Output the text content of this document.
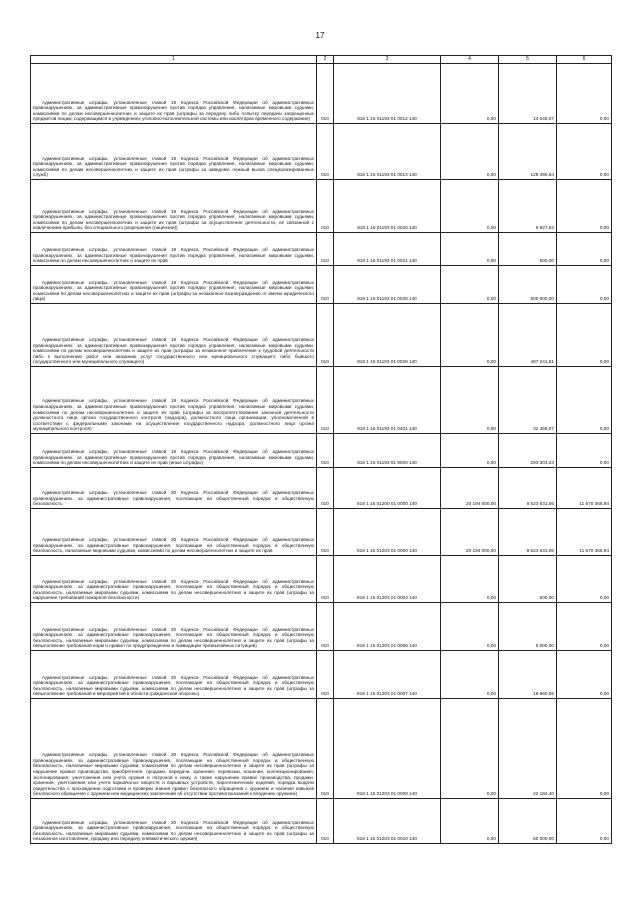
17
1	2	3	4	5	6
Административные штрафы, установленные главой 19 Кодекса Российской Федерации об административных правонарушениях, за административные правонарушения против порядка управления, налагаемые мировыми судьями, комиссиями по делам несовершеннолетних и защите их прав (штрафы за передачу либо попытку передачи запрещенных предметов лицам, содержащимся в учреждениях уголовно-исполнительной системы или изоляторах временного содержания)	010	818 1 16 01193 01 0012 140	0,00	14 048,07	0,00
Административные штрафы, установленные главой 19 Кодекса Российской Федерации об административных правонарушениях, за административные правонарушения против порядка управления, налагаемые мировыми судьями, комиссиями по делам несовершеннолетних и защите их прав (штрафы за заведомо ложный вызов специализированных служб)	010	818 1 16 01193 01 0013 140	0,00	129 490,64	0,00
Административные штрафы, установленные главой 19 Кодекса Российской Федерации об административных правонарушениях, за административные правонарушения против порядка управления, налагаемые мировыми судьями, комиссиями по делам несовершеннолетних и защите их прав (штрафы за осуществление деятельности, не связанной с извлечением прибыли, без специального разрешения (лицензии))	010	818 1 16 01193 01 0020 140	0,00	9 927,53	0,00
Административные штрафы, установленные главой 19 Кодекса Российской Федерации об административных правонарушениях, за административные правонарушения против порядка управления, налагаемые мировыми судьями, комиссиями по делам несовершеннолетних и защите их прав	010	818 1 16 01193 01 0021 140	0,00	500,00	0,00
Административные штрафы, установленные главой 19 Кодекса Российской Федерации об административных правонарушениях, за административные правонарушения против порядка управления, налагаемые мировыми судьями, комиссиями по делам несовершеннолетних и защите их прав (штрафы за незаконное вознаграждение от имени юридического лица)	010	818 1 16 01193 01 0028 140	0,00	500 000,00	0,00
Административные штрафы, установленные главой 19 Кодекса Российской Федерации об административных правонарушениях, за административные правонарушения против порядка управления, налагаемые мировыми судьями, комиссиями по делам несовершеннолетних и защите их прав (штрафы за незаконное привлечение к трудовой деятельности либо к выполнению работ или оказанию услуг государственного или муниципального служащего либо бывшего государственного или муниципального служащего)	010	818 1 16 01193 01 0029 140	0,00	487 241,81	0,00
Административные штрафы, установленные главой 19 Кодекса Российской Федерации об административных правонарушениях, за административные правонарушения против порядка управления, налагаемые мировыми судьями, комиссиями по делам несовершеннолетних и защите их прав (штрафы за воспрепятствование законной деятельности должностного лица органа государственного контроля (надзора), должностного лица организации, уполномоченной в соответствии с федеральными законами на осуществление государственного надзора, должностного лица органа муниципального контроля)	010	818 1 16 01193 01 0401 140	0,00	32 368,07	0,00
Административные штрафы, установленные главой 19 Кодекса Российской Федерации об административных правонарушениях, за административные правонарушения против порядка управления, налагаемые мировыми судьями, комиссиями по делам несовершеннолетних и защите их прав (иные штрафы)	010	818 1 16 01193 01 9000 140	0,00	293 303,23	0,00
Административные штрафы, установленные главой 20 Кодекса Российской Федерации об административных правонарушениях, за административные правонарушения, посягающие на общественный порядок и общественную безопасность	010	818 1 16 01200 01 0000 140	20 194 000,00	8 523 631,06	11 670 368,94
Административные штрафы, установленные главой 20 Кодекса Российской Федерации об административных правонарушениях, за административные правонарушения, посягающие на общественный порядок и общественную безопасность, налагаемые мировыми судьями, комиссиями по делам несовершеннолетних и защите их прав	010	818 1 16 01203 01 0000 140	20 194 000,00	8 523 631,06	11 670 368,94
Административные штрафы, установленные главой 20 Кодекса Российской Федерации об административных правонарушениях, за административные правонарушения, посягающие на общественный порядок и общественную безопасность, налагаемые мировыми судьями, комиссиями по делам несовершеннолетних и защите их прав (штрафы за нарушение требований пожарной безопасности)	010	818 1 16 01203 01 0004 140	0,00	600,00	0,00
Административные штрафы, установленные главой 20 Кодекса Российской Федерации об административных правонарушениях, за административные правонарушения, посягающие на общественный порядок и общественную безопасность, налагаемые мировыми судьями, комиссиями по делам несовершеннолетних и защите их прав (штрафы за невыполнение требований норм и правил по предупреждению и ликвидации чрезвычайных ситуаций)	010	818 1 16 01203 01 0006 140	0,00	5 000,00	0,00
Административные штрафы, установленные главой 20 Кодекса Российской Федерации об административных правонарушениях, за административные правонарушения, посягающие на общественный порядок и общественную безопасность, налагаемые мировыми судьями, комиссиями по делам несовершеннолетних и защите их прав (штрафы за невыполнение требований и мероприятий в области гражданской обороны)	010	818 1 16 01203 01 0007 140	0,00	19 960,55	0,00
Административные штрафы, установленные главой 20 Кодекса Российской Федерации об административных правонарушениях, за административные правонарушения, посягающие на общественный порядок и общественную безопасность, налагаемые мировыми судьями, комиссиями по делам несовершеннолетних и защите их прав (штрафы за нарушение правил производства, приобретения, продажи, передачи, хранения, перевозки, ношения, коллекционирования, экспонирования, уничтожения или учета оружия и патронов к нему, а также нарушение правил производства, продажи, хранения, уничтожения или учета взрывчатых веществ и взрывных устройств, пиротехнических изделий, порядка выдачи свидетельства о прохождении подготовки и проверки знания правил безопасного обращения с оружием и наличия навыков безопасного обращения с оружием или медицинских заключений об отсутствии противопоказаний к владению оружием)	010	818 1 16 01203 01 0008 140	0,00	22 184,40	0,00
Административные штрафы, установленные главой 20 Кодекса Российской Федерации об административных правонарушениях, за административные правонарушения, посягающие на общественный порядок и общественную безопасность, налагаемые мировыми судьями, комиссиями по делам несовершеннолетних и защите их прав (штрафы за незаконное изготовление, продажу или передачу пневматического оружия)	010	818 1 16 01203 01 0010 140	0,00	60 000,00	0,00
